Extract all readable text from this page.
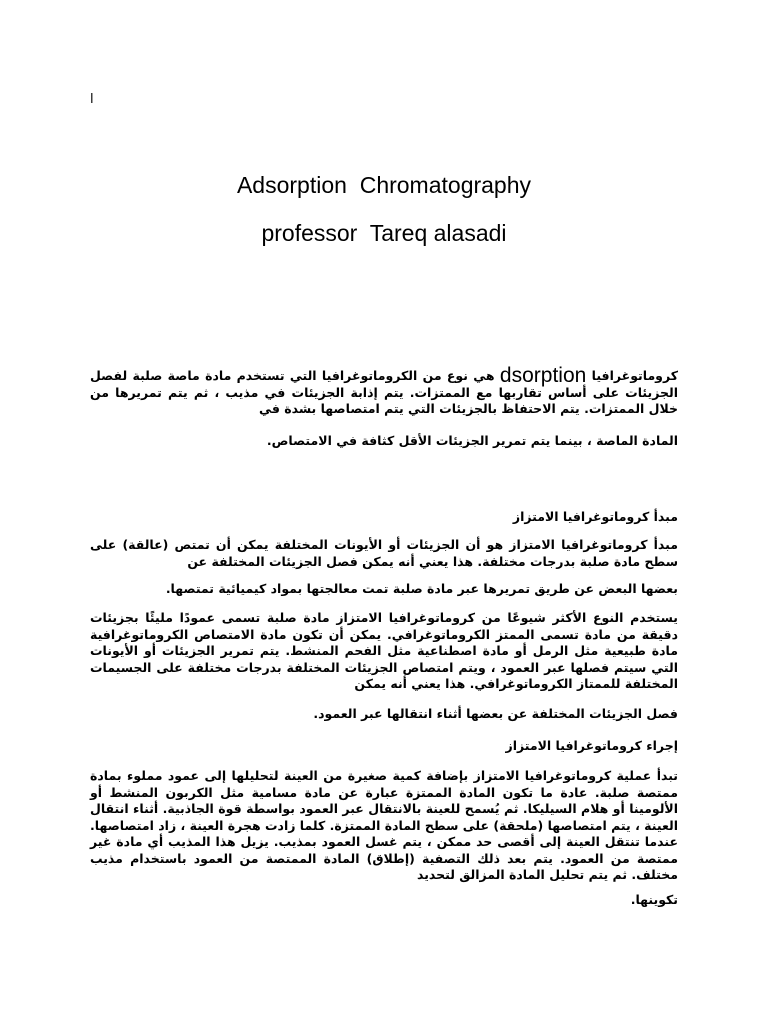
ا
Adsorption  Chromatography
professor  Tareq alasadi
كروماتوغرافيا dsorption هي نوع من الكروماتوغرافيا التي تستخدم مادة ماصة صلبة لفصل الجزيئات على أساس تقاربها مع الممتزات. يتم إذابة الجزيئات في مذيب ، ثم يتم تمريرها من خلال الممتزات. يتم الاحتفاظ بالجزيئات التي يتم امتصاصها بشدة في
المادة الماصة ، بينما يتم تمرير الجزيئات الأقل كثافة في الامتصاص.
مبدأ كروماتوغرافيا الامتزاز
مبدأ كروماتوغرافيا الامتزاز هو أن الجزيئات أو الأيونات المختلفة يمكن أن تمتص (عالقة) على سطح مادة صلبة بدرجات مختلفة. هذا يعني أنه يمكن فصل الجزيئات المختلفة عن
بعضها البعض عن طريق تمريرها عبر مادة صلبة تمت معالجتها بمواد كيميائية تمتصها.
يستخدم النوع الأكثر شيوعًا من كروماتوغرافيا الامتزاز مادة صلبة تسمى عمودًا مليئًا بجزيئات دقيقة من مادة تسمى الممتز الكروماتوغرافي. يمكن أن تكون مادة الامتصاص الكروماتوغرافية مادة طبيعية مثل الرمل أو مادة اصطناعية مثل الفحم المنشط. يتم تمرير الجزيئات أو الأيونات التي سيتم فصلها عبر العمود ، ويتم امتصاص الجزيئات المختلفة بدرجات مختلفة على الجسيمات المختلفة للممتاز الكروماتوغرافي. هذا يعني أنه يمكن
فصل الجزيئات المختلفة عن بعضها أثناء انتقالها عبر العمود.
إجراء كروماتوغرافيا الامتزاز
تبدأ عملية كروماتوغرافيا الامتزاز بإضافة كمية صغيرة من العينة لتحليلها إلى عمود مملوء بمادة ممتصة صلبة. عادة ما تكون المادة الممتزة عبارة عن مادة مسامية مثل الكربون المنشط أو الألومينا أو هلام السيليكا. ثم يُسمح للعينة بالانتقال عبر العمود بواسطة قوة الجاذبية. أثناء انتقال العينة ، يتم امتصاصها (ملحقة) على سطح المادة الممتزة. كلما زادت هجرة العينة ، زاد امتصاصها. عندما تنتقل العينة إلى أقصى حد ممكن ، يتم غسل العمود بمذيب. يزيل هذا المذيب أي مادة غير ممتصة من العمود. يتم بعد ذلك التصفية (إطلاق) المادة الممتصة من العمود باستخدام مذيب مختلف. ثم يتم تحليل المادة المزالق لتحديد
تكوينها.
